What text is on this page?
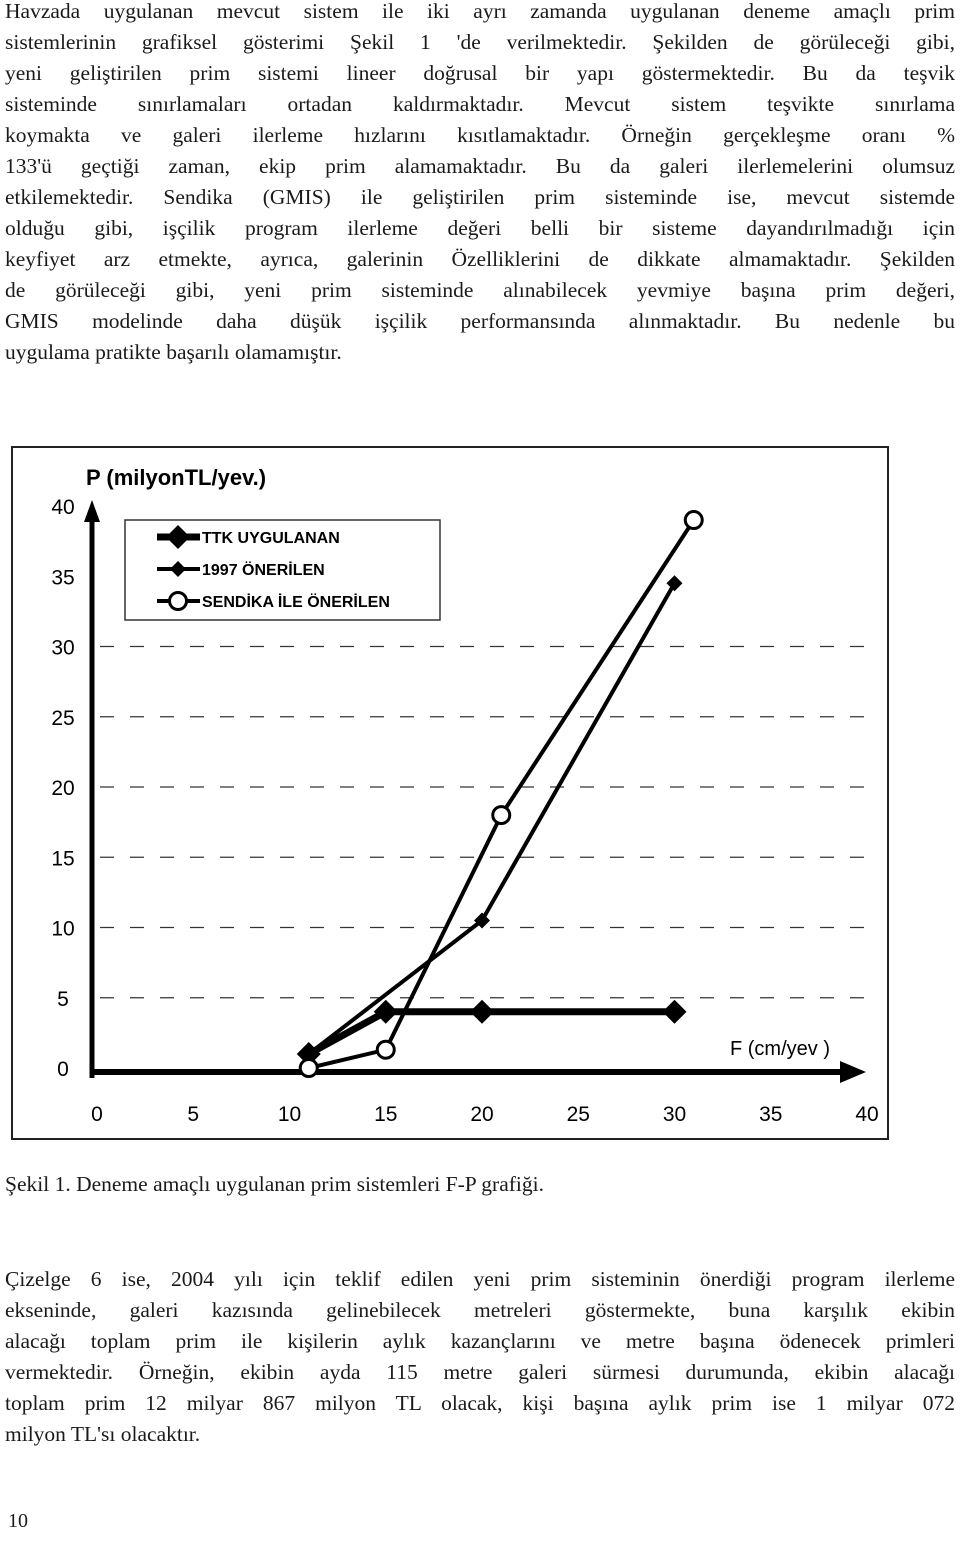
Havzada uygulanan mevcut sistem ile iki ayrı zamanda uygulanan deneme amaçlı prim
sistemlerinin grafiksel gösterimi Şekil 1 'de verilmektedir. Şekilden de görüleceği gibi,
yeni geliştirilen prim sistemi lineer doğrusal bir yapı göstermektedir. Bu da teşvik
sisteminde sınırlamaları ortadan kaldırmaktadır. Mevcut sistem teşvikte sınırlama
koymakta ve galeri ilerleme hızlarını kısıtlamaktadır. Örneğin gerçekleşme oranı %
133'ü geçtiği zaman, ekip prim alamamaktadır. Bu da galeri ilerlemelerini olumsuz
etkilemektedir. Sendika (GMIS) ile geliştirilen prim sisteminde ise, mevcut sistemde
olduğu gibi, işçilik program ilerleme değeri belli bir sisteme dayandırılmadığı için
keyfiyet arz etmekte, ayrıca, galerinin Özelliklerini de dikkate almamaktadır. Şekilden
de görüleceği gibi, yeni prim sisteminde alınabilecek yevmiye başına prim değeri,
GMIS modelinde daha düşük işçilik performansında alınmaktadır. Bu nedenle bu
uygulama pratikte başarılı olamamıştır.
P (milyonTL/yev.)
F (cm/yev )
0
5
10
15
20
25
30
35
40
0	5	10	15	20	25	30	35	40
TTK UYGULANAN
1997 ÖNERİLEN
SENDİKA İLE ÖNERİLEN

Şekil 1. Deneme amaçlı uygulanan prim sistemleri F-P grafiği.

Çizelge 6 ise, 2004 yılı için teklif edilen yeni prim sisteminin önerdiği program ilerleme
ekseninde, galeri kazısında gelinebilecek metreleri göstermekte, buna karşılık ekibin
alacağı toplam prim ile kişilerin aylık kazançlarını ve metre başına ödenecek primleri
vermektedir. Örneğin, ekibin ayda 115 metre galeri sürmesi durumunda, ekibin alacağı
toplam prim 12 milyar 867 milyon TL olacak, kişi başına aylık prim ise 1 milyar 072
milyon TL'sı olacaktır.

10
